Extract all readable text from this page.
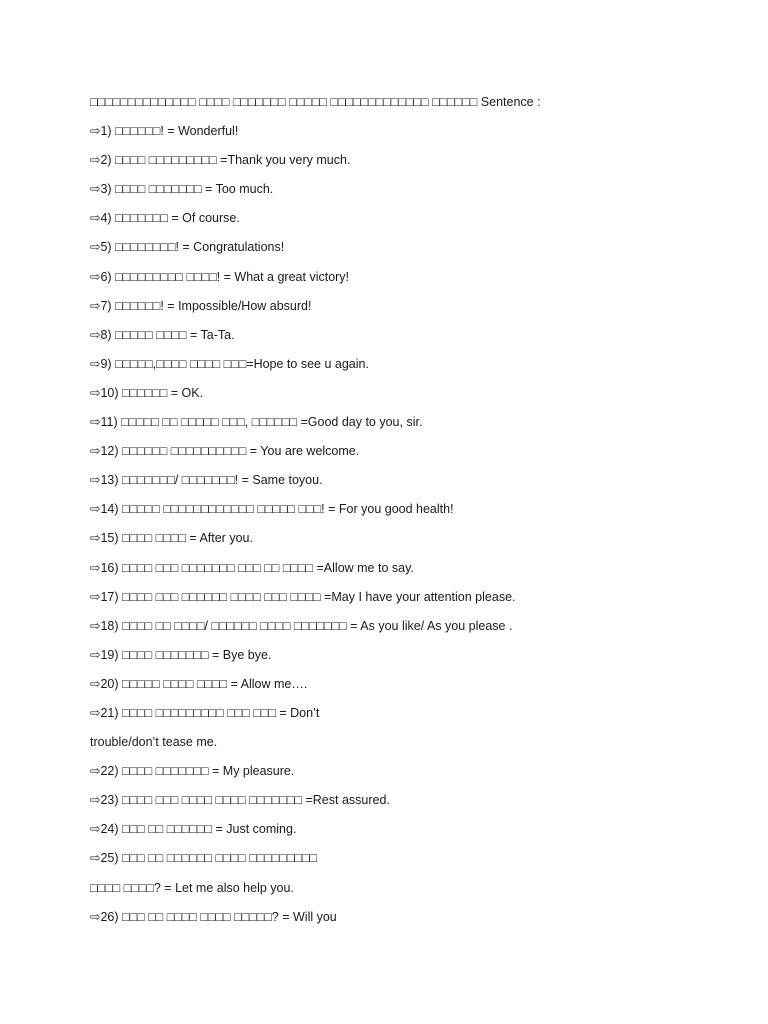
□□□□□□□□□□□□□□ □□□□ □□□□□□□ □□□□□ □□□□□□□□□□□□□ □□□□□□ Sentence :
⇨1) □□□□□□! = Wonderful!
⇨2) □□□□ □□□□□□□□□ =Thank you very much.
⇨3) □□□□ □□□□□□□ = Too much.
⇨4) □□□□□□□ = Of course.
⇨5) □□□□□□□□! = Congratulations!
⇨6) □□□□□□□□□ □□□□! = What a great victory!
⇨7) □□□□□□! = Impossible/How absurd!
⇨8) □□□□□ □□□□ = Ta-Ta.
⇨9) □□□□□,□□□□ □□□□ □□□=Hope to see u again.
⇨10) □□□□□□ = OK.
⇨11) □□□□□ □□ □□□□□ □□□, □□□□□□ =Good day to you, sir.
⇨12) □□□□□□ □□□□□□□□□□ = You are welcome.
⇨13) □□□□□□□/ □□□□□□□! = Same toyou.
⇨14) □□□□□ □□□□□□□□□□□□ □□□□□ □□□! = For you good health!
⇨15) □□□□ □□□□ = After you.
⇨16) □□□□ □□□ □□□□□□□ □□□ □□ □□□□ =Allow me to say.
⇨17) □□□□ □□□ □□□□□□ □□□□ □□□ □□□□ =May I have your attention please.
⇨18) □□□□ □□ □□□□/ □□□□□□ □□□□ □□□□□□□ = As you like/ As you please .
⇨19) □□□□ □□□□□□□ = Bye bye.
⇨20) □□□□□ □□□□ □□□□ = Allow me….
⇨21) □□□□ □□□□□□□□□ □□□ □□□ = Don’t
trouble/don’t tease me.
⇨22) □□□□ □□□□□□□ = My pleasure.
⇨23) □□□□ □□□ □□□□ □□□□ □□□□□□□ =Rest assured.
⇨24) □□□ □□ □□□□□□ = Just coming.
⇨25) □□□ □□ □□□□□□ □□□□ □□□□□□□□□
□□□□ □□□□? = Let me also help you.
⇨26) □□□ □□ □□□□ □□□□ □□□□□? = Will you
